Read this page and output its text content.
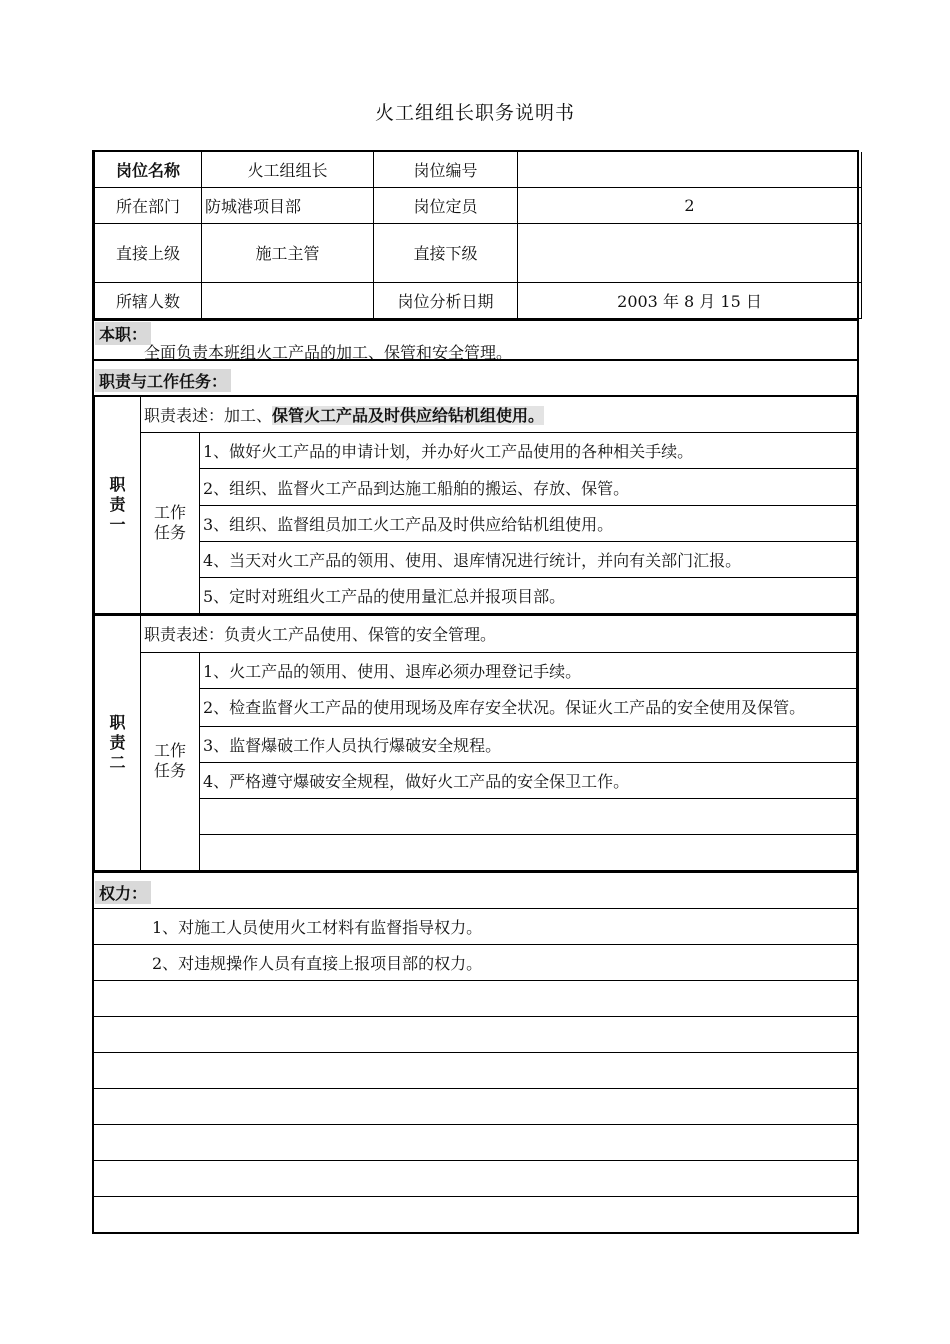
火工组组长职务说明书
岗位名称	火工组组长	岗位编号	
所在部门	防城港项目部	岗位定员	2
直接上级	施工主管	直接下级	
所辖人数		岗位分析日期	2003 年 8 月 15 日
本职：
全面负责本班组火工产品的加工、保管和安全管理。
职责与工作任务：
职
责
一	职责表述：加工、保管火工产品及时供应给钻机组使用。	
	工作
任务	1、做好火工产品的申请计划，并办好火工产品使用的各种相关手续。
		2、组织、监督火工产品到达施工船舶的搬运、存放、保管。
		3、组织、监督组员加工火工产品及时供应给钻机组使用。
		4、当天对火工产品的领用、使用、退库情况进行统计，并向有关部门汇报。
		5、定时对班组火工产品的使用量汇总并报项目部。
职
责
二	职责表述：负责火工产品使用、保管的安全管理。	
	工作
任务	1、火工产品的领用、使用、退库必须办理登记手续。
		2、检查监督火工产品的使用现场及库存安全状况。保证火工产品的安全使用及保管。
		3、监督爆破工作人员执行爆破安全规程。
		4、严格遵守爆破安全规程，做好火工产品的安全保卫工作。

权力：

1、对施工人员使用火工材料有监督指导权力。
2、对违规操作人员有直接上报项目部的权力。
